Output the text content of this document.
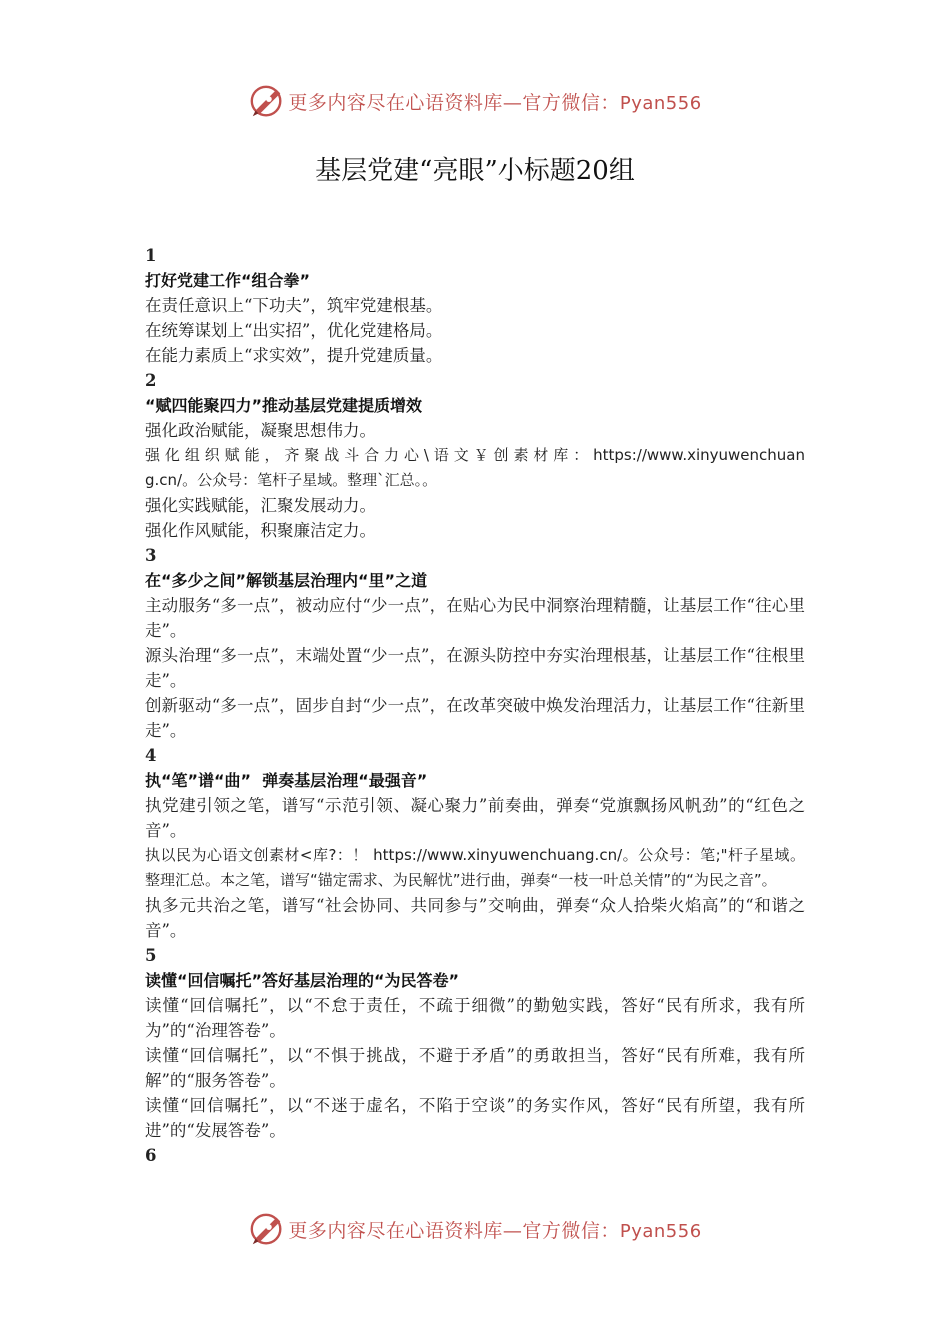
更多内容尽在心语资料库—官方微信：Pyan556
基层党建“亮眼”小标题20组
1
打好党建工作“组合拳”
在责任意识上“下功夫”，筑牢党建根基。
在统筹谋划上“出实招”，优化党建格局。
在能力素质上“求实效”，提升党建质量。
2
“赋四能聚四力”推动基层党建提质增效
强化政治赋能，凝聚思想伟力。
强 化 组 织 赋 能 ， 齐 聚 战 斗 合 力 心 \ 语 文 ￥ 创 素 材 库 ： https://www.xinyuwenchuang.cn/。公众号：笔杆子星域。整理`汇总。。
强化实践赋能，汇聚发展动力。
强化作风赋能，积聚廉洁定力。
3
在“多少之间”解锁基层治理内“里”之道
主动服务“多一点”，被动应付“少一点”，在贴心为民中洞察治理精髓，让基层工作“往心里走”。
源头治理“多一点”，末端处置“少一点”，在源头防控中夯实治理根基，让基层工作“往根里走”。
创新驱动“多一点”，固步自封“少一点”，在改革突破中焕发治理活力，让基层工作“往新里走”。
4
执“笔”谱“曲”  弹奏基层治理“最强音”
执党建引领之笔，谱写“示范引领、凝心聚力”前奏曲，弹奏“党旗飘扬风帆劲”的“红色之音”。
执以民为心语文创素材<库?：！ https://www.xinyuwenchuang.cn/。公众号：笔;"杆子星域。整理汇总。本之笔，谱写“锚定需求、为民解忧”进行曲，弹奏“一枝一叶总关情”的“为民之音”。
执多元共治之笔，谱写“社会协同、共同参与”交响曲，弹奏“众人拾柴火焰高”的“和谐之音”。
5
读懂“回信嘱托”答好基层治理的“为民答卷”
读懂“回信嘱托”，以“不怠于责任，不疏于细微”的勤勉实践，答好“民有所求，我有所为”的“治理答卷”。
读懂“回信嘱托”，以“不惧于挑战，不避于矛盾”的勇敢担当，答好“民有所难，我有所解”的“服务答卷”。
读懂“回信嘱托”，以“不迷于虚名，不陷于空谈”的务实作风，答好“民有所望，我有所进”的“发展答卷”。
6
更多内容尽在心语资料库—官方微信：Pyan556
